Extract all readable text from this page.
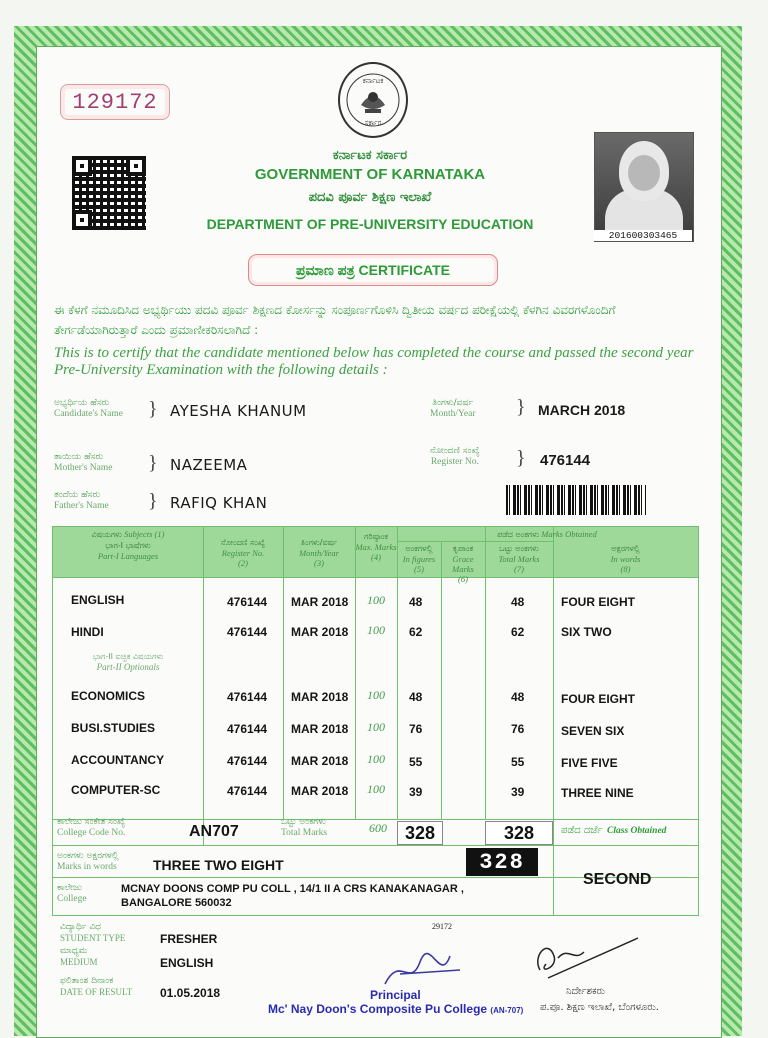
129172
ಕರ್ನಾಟಕ
ಸರ್ಕಾರ
ಕರ್ನಾಟಕ ಸರ್ಕಾರ
GOVERNMENT OF KARNATAKA
ಪದವಿ ಪೂರ್ವ ಶಿಕ್ಷಣ ಇಲಾಖೆ
DEPARTMENT OF PRE-UNIVERSITY EDUCATION
201600303465
ಪ್ರಮಾಣ ಪತ್ರ CERTIFICATE
ಈ ಕೆಳಗೆ ನಮೂದಿಸಿದ ಅಭ್ಯರ್ಥಿಯು ಪದವಿ ಪೂರ್ವ ಶಿಕ್ಷಣದ ಕೋರ್ಸನ್ನು ಸಂಪೂರ್ಣಗೊಳಿಸಿ ದ್ವಿತೀಯ ವರ್ಷದ ಪರೀಕ್ಷೆಯಲ್ಲಿ ಕೆಳಗಿನ ವಿವರಗಳೊಂದಿಗೆ ತೇರ್ಗಡೆಯಾಗಿರುತ್ತಾರೆ ಎಂದು ಪ್ರಮಾಣೀಕರಿಸಲಾಗಿದೆ :
This is to certify that the candidate mentioned below has completed the course and passed the second year Pre-University Examination with the following details :
ಅಭ್ಯರ್ಥಿಯ ಹೆಸರು
Candidate's Name } AYESHA KHANUM	ತಿಂಗಳು/ವರ್ಷ
Month/Year } MARCH 2018
ನೋಂದಣಿ ಸಂಖ್ಯೆ
Register No. } 476144
ತಾಯಿಯ ಹೆಸರು
Mother's Name } NAZEEMA
ತಂದೆಯ ಹೆಸರು
Father's Name } RAFIQ KHAN
ವಿಷಯಗಳು Subjects (1)
ಭಾಗ-I ಭಾಷೆಗಳು
Part-I Languages
ನೋಂದಣಿ ಸಂಖ್ಯೆ
Register No.
(2)
ತಿಂಗಳು/ವರ್ಷ
Month/Year
(3)
ಗರಿಷ್ಠಾಂಕ
Max. Marks
(4)
ಪಡೆದ ಅಂಕಗಳು Marks Obtained
ಅಂಕಗಳಲ್ಲಿ
In figures
(5)
ಕೃಪಾಂಕ
Grace Marks
(6)
ಒಟ್ಟು ಅಂಕಗಳು
Total Marks
(7)
ಅಕ್ಷರಗಳಲ್ಲಿ
In words
(8)
ಭಾಗ-II ಐಚ್ಛಿಕ ವಿಷಯಗಳು
Part-II Optionals
ENGLISH	476144 MAR 2018 100 48	48	FOUR EIGHT
HINDI	476144 MAR 2018 100 62	62	SIX TWO
ECONOMICS	476144 MAR 2018 100 48	48	FOUR EIGHT
BUSI.STUDIES	476144 MAR 2018 100 76	76	SEVEN SIX
ACCOUNTANCY	476144 MAR 2018 100 55	55	FIVE FIVE
COMPUTER-SC	476144 MAR 2018 100 39	39	THREE NINE
ಕಾಲೇಜು ಸಂಕೇತ ಸಂಖ್ಯೆ
College Code No.	AN707
ಒಟ್ಟು ಅಂಕಗಳು
Total Marks	600 328	328	ಪಡೆದ ದರ್ಜೆ Class Obtained
ಅಂಕಗಳು ಅಕ್ಷರಗಳಲ್ಲಿ
Marks in words	THREE TWO EIGHT
ಕಾಲೇಜು
College
MCNAY DOONS COMP PU COLL , 14/1 II A CRS KANAKANAGAR ,
BANGALORE 560032
SECOND
328
ವಿದ್ಯಾರ್ಥಿ ವಿಧ
STUDENT TYPE	FRESHER
29172
ಮಾಧ್ಯಮ
MEDIUM	ENGLISH
ಫಲಿತಾಂಶ ದಿನಾಂಕ
DATE OF RESULT 01.05.2018	Principal
Mc' Nay Doon's Composite Pu College (AN-707)
ನಿರ್ದೇಶಕರು
ಪ.ಪೂ. ಶಿಕ್ಷಣ ಇಲಾಖೆ, ಬೆಂಗಳೂರು.
